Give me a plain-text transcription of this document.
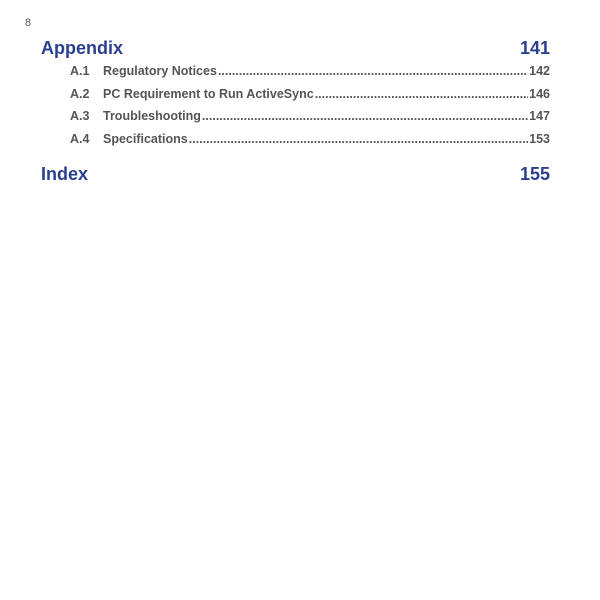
8
Appendix	141
A.1	Regulatory Notices .....	142
A.2	PC Requirement to Run ActiveSync .....	146
A.3	Troubleshooting .....	147
A.4	Specifications .....	153
Index	155
